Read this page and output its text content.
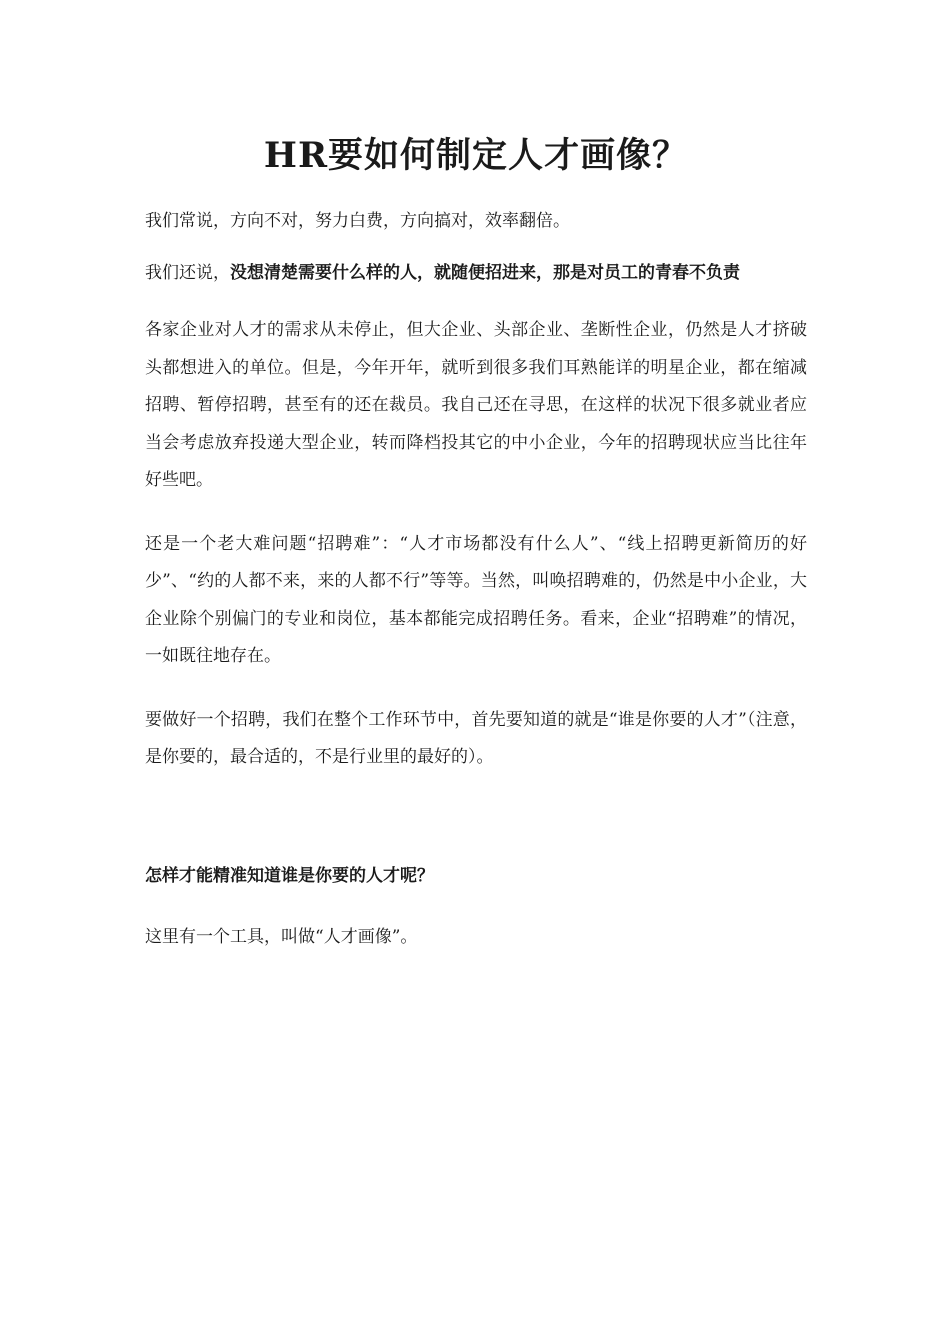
HR要如何制定人才画像？

我们常说，方向不对，努力白费，方向搞对，效率翻倍。

我们还说，没想清楚需要什么样的人，就随便招进来，那是对员工的青春不负责

各家企业对人才的需求从未停止，但大企业、头部企业、垄断性企业，仍然是人才挤破头都想进入的单位。但是，今年开年，就听到很多我们耳熟能详的明星企业，都在缩减招聘、暂停招聘，甚至有的还在裁员。我自己还在寻思，在这样的状况下很多就业者应当会考虑放弃投递大型企业，转而降档投其它的中小企业，今年的招聘现状应当比往年好些吧。

还是一个老大难问题“招聘难”：“人才市场都没有什么人”、“线上招聘更新简历的好少”、“约的人都不来，来的人都不行”等等。当然，叫唤招聘难的，仍然是中小企业，大企业除个别偏门的专业和岗位，基本都能完成招聘任务。看来，企业“招聘难”的情况，一如既往地存在。

要做好一个招聘，我们在整个工作环节中，首先要知道的就是“谁是你要的人才”（注意，是你要的，最合适的，不是行业里的最好的）。

怎样才能精准知道谁是你要的人才呢？

这里有一个工具，叫做“人才画像”。
